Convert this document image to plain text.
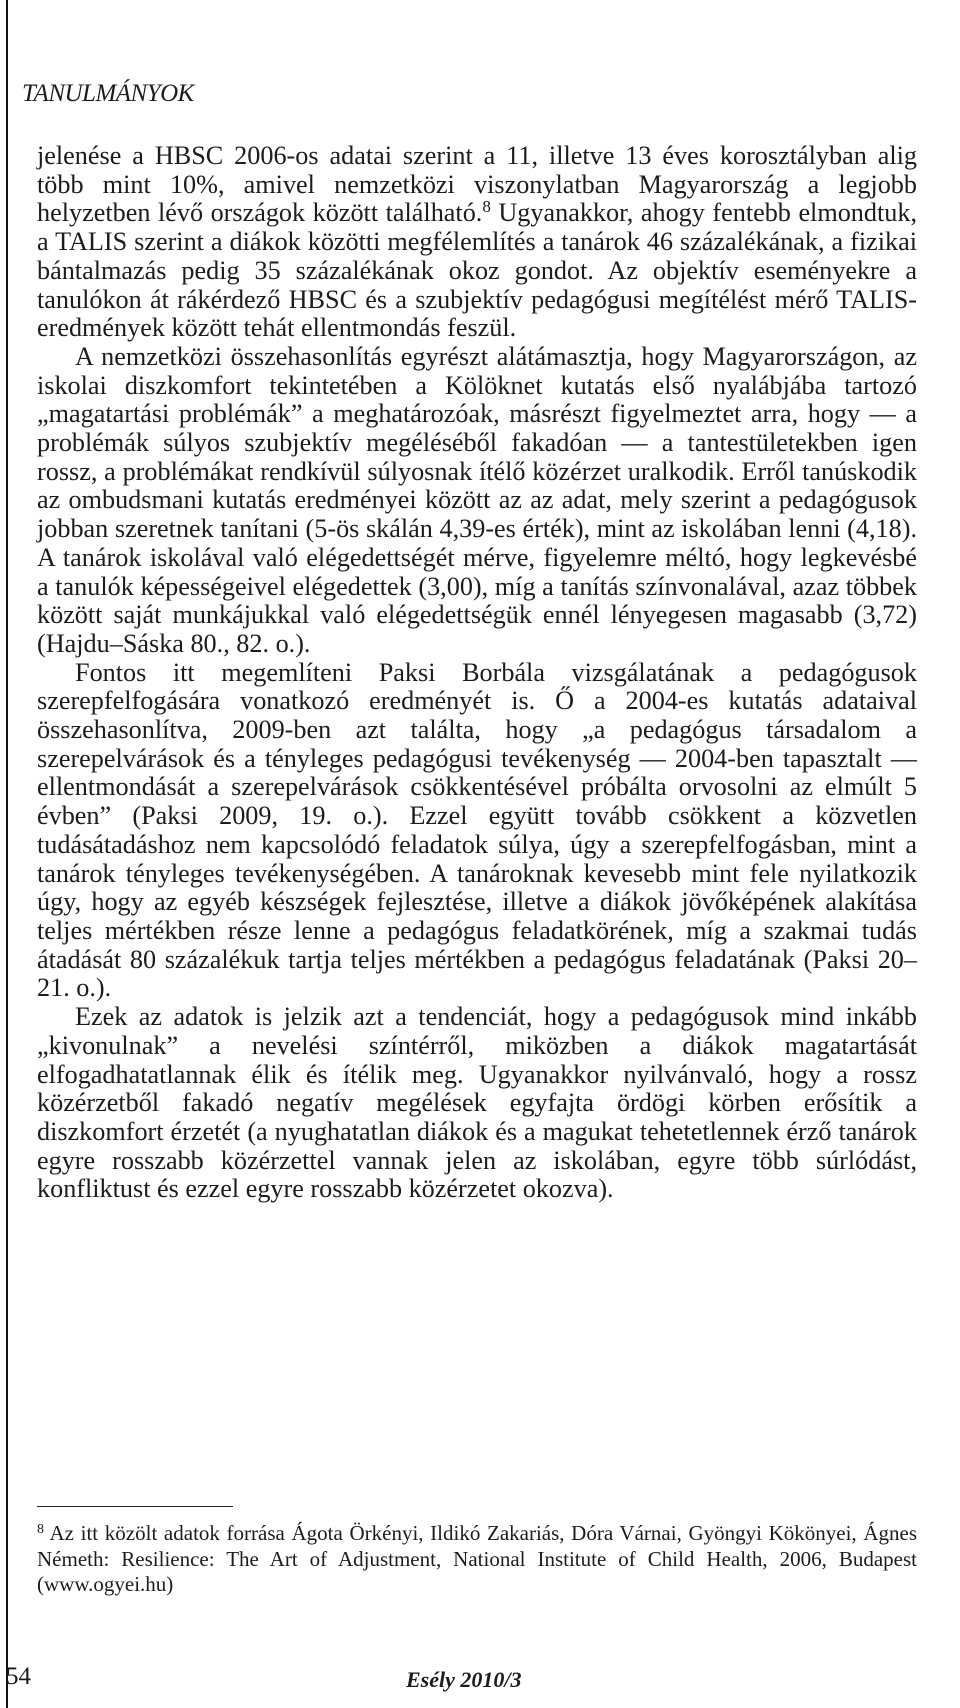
TANULMÁNYOK

jelenése a HBSC 2006-os adatai szerint a 11, illetve 13 éves korosztályban alig több mint 10%, amivel nemzetközi viszonylatban Magyarország a legjobb helyzetben lévő országok között található.$^8$ Ugyanakkor, ahogy fentebb elmondtuk, a TALIS szerint a diákok közötti megfélemlítés a tanárok 46 százalékának, a fizikai bántalmazás pedig 35 százalékának okoz gondot. Az objektív eseményekre a tanulókon át rákérdező HBSC és a szubjektív pedagógusi megítélést mérő TALIS-eredmények között tehát ellentmondás feszül.

A nemzetközi összehasonlítás egyrészt alátámasztja, hogy Magyarországon, az iskolai diszkomfort tekintetében a Kölöknet kutatás első nyalábjába tartozó „magatartási problémák” a meghatározóak, másrészt figyelmeztet arra, hogy — a problémák súlyos szubjektív megéléséből fakadóan — a tantestületekben igen rossz, a problémákat rendkívül súlyosnak ítélő közérzet uralkodik. Erről tanúskodik az ombudsmani kutatás eredményei között az az adat, mely szerint a pedagógusok jobban szeretnek tanítani (5-ös skálán 4,39-es érték), mint az iskolában lenni (4,18). A tanárok iskolával való elégedettségét mérve, figyelemre méltó, hogy legkevésbé a tanulók képességeivel elégedettek (3,00), míg a tanítás színvonalával, azaz többek között saját munkájukkal való elégedettségük ennél lényegesen magasabb (3,72) (Hajdu–Sáska 80., 82. o.).

Fontos itt megemlíteni Paksi Borbála vizsgálatának a pedagógusok szerepfelfogására vonatkozó eredményét is. Ő a 2004-es kutatás adataival összehasonlítva, 2009-ben azt találta, hogy „a pedagógus társadalom a szerepelvárások és a tényleges pedagógusi tevékenység — 2004-ben tapasztalt — ellentmondását a szerepelvárások csökkentésével próbálta orvosolni az elmúlt 5 évben” (Paksi 2009, 19. o.). Ezzel együtt tovább csökkent a közvetlen tudásátadáshoz nem kapcsolódó feladatok súlya, úgy a szerepfelfogásban, mint a tanárok tényleges tevékenységében. A tanároknak kevesebb mint fele nyilatkozik úgy, hogy az egyéb készségek fejlesztése, illetve a diákok jövőképének alakítása teljes mértékben része lenne a pedagógus feladatkörének, míg a szakmai tudás átadását 80 százalékuk tartja teljes mértékben a pedagógus feladatának (Paksi 20–21. o.).

Ezek az adatok is jelzik azt a tendenciát, hogy a pedagógusok mind inkább „kivonulnak” a nevelési színtérről, miközben a diákok magatartását elfogadhatatlannak élik és ítélik meg. Ugyanakkor nyilvánvaló, hogy a rossz közérzetből fakadó negatív megélések egyfajta ördögi körben erősítik a diszkomfort érzetét (a nyughatatlan diákok és a magukat tehetetlennek érző tanárok egyre rosszabb közérzettel vannak jelen az iskolában, egyre több súrlódást, konfliktust és ezzel egyre rosszabb közérzetet okozva).

$^8$ Az itt közölt adatok forrása Ágota Örkényi, Ildikó Zakariás, Dóra Várnai, Gyöngyi Kökönyei, Ágnes Németh: Resilience: The Art of Adjustment, National Institute of Child Health, 2006, Budapest (www.ogyei.hu)
54	Esély 2010/3
